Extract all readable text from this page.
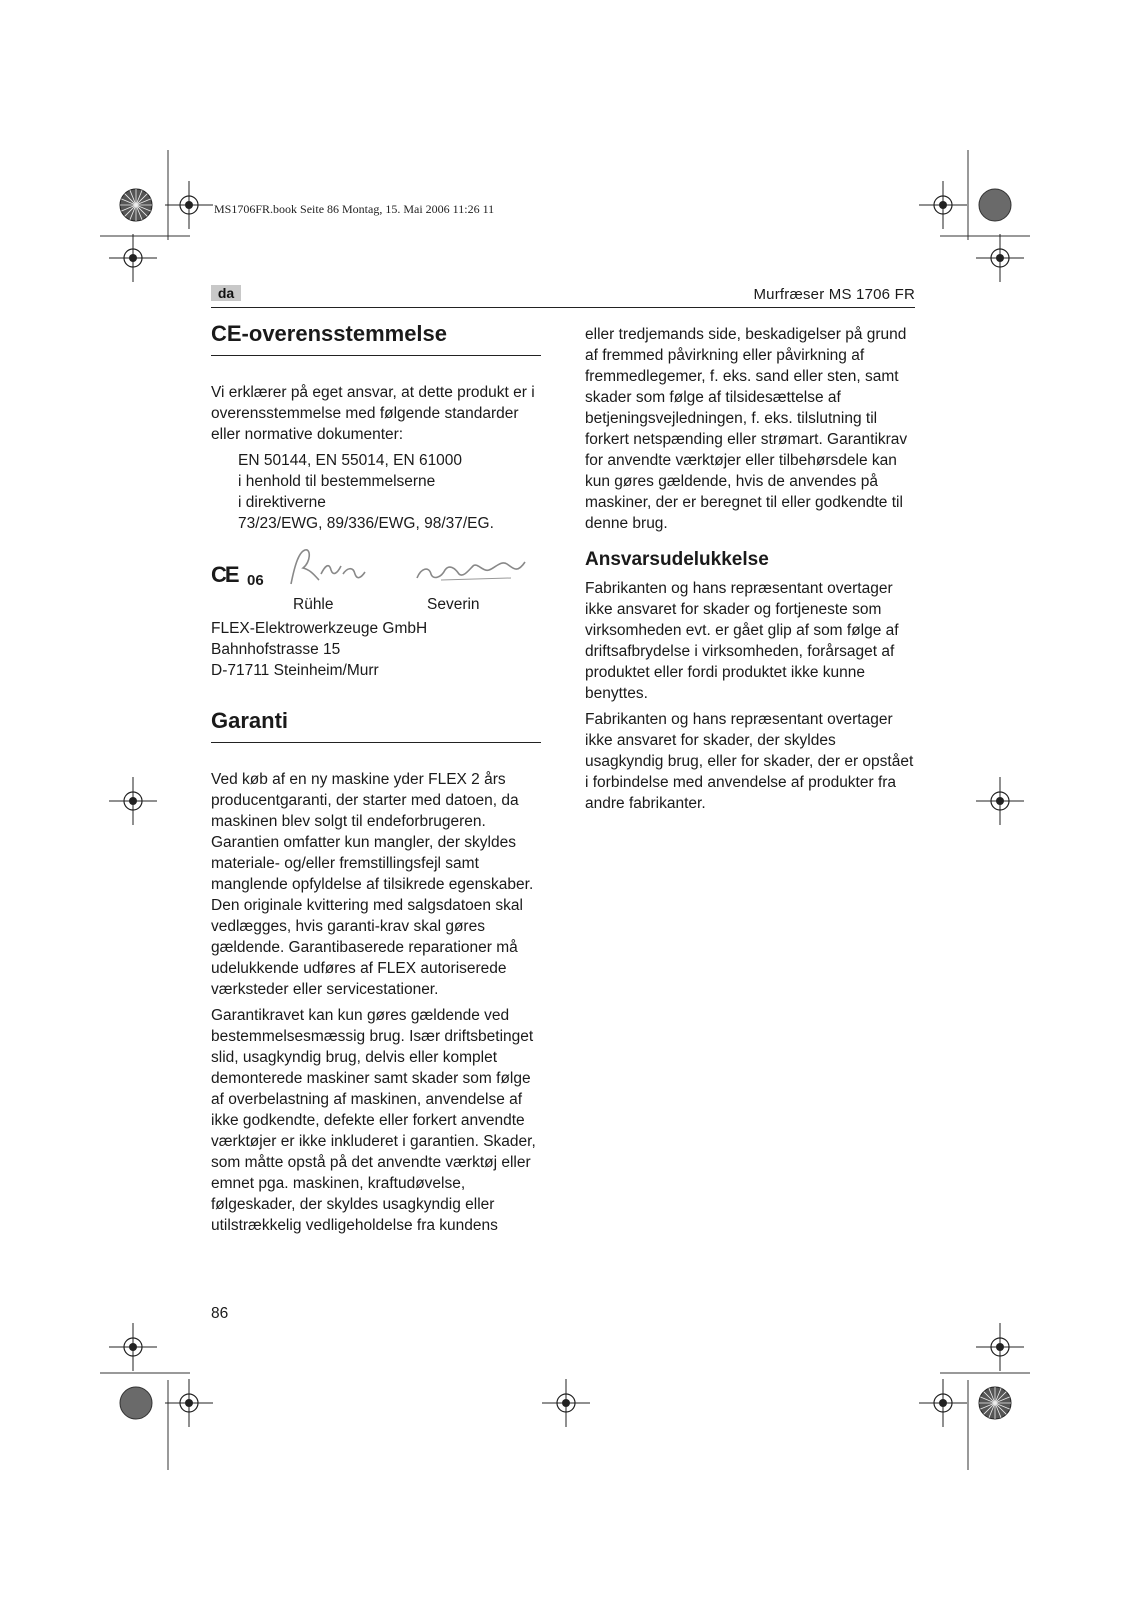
MS1706FR.book Seite 86 Montag, 15. Mai 2006 11:26 11
da	Murfræser MS 1706 FR
CE-overensstemmelse

Vi erklærer på eget ansvar, at dette produkt er i overensstemmelse med følgende standarder eller normative dokumenter:

EN 50144, EN 55014, EN 61000
i henhold til bestemmelserne
i direktiverne
73/23/EWG, 89/336/EWG, 98/37/EG.
CE 06
Rühle	Severin
FLEX-Elektrowerkzeuge GmbH
Bahnhofstrasse 15
D-71711 Steinheim/Murr
Garanti

Ved køb af en ny maskine yder FLEX 2 års producentgaranti, der starter med datoen, da maskinen blev solgt til endeforbrugeren. Garantien omfatter kun mangler, der skyldes materiale- og/eller fremstillingsfejl samt manglende opfyldelse af tilsikrede egenskaber. Den originale kvittering med salgsdatoen skal vedlægges, hvis garanti-krav skal gøres gældende. Garantibaserede reparationer må udelukkende udføres af FLEX autoriserede værksteder eller servicestationer.

Garantikravet kan kun gøres gældende ved bestemmelsesmæssig brug. Især driftsbetinget slid, usagkyndig brug, delvis eller komplet demonterede maskiner samt skader som følge af overbelastning af maskinen, anvendelse af ikke godkendte, defekte eller forkert anvendte værktøjer er ikke inkluderet i garantien. Skader, som måtte opstå på det anvendte værktøj eller emnet pga. maskinen, kraftudøvelse, følgeskader, der skyldes usagkyndig eller utilstrækkelig vedligeholdelse fra kundens

eller tredjemands side, beskadigelser på grund af fremmed påvirkning eller påvirkning af fremmedlegemer, f. eks. sand eller sten, samt skader som følge af tilsidesættelse af betjeningsvejledningen, f. eks. tilslutning til forkert netspænding eller strømart. Garantikrav for anvendte værktøjer eller tilbehørsdele kan kun gøres gældende, hvis de anvendes på maskiner, der er beregnet til eller godkendte til denne brug.

Ansvarsudelukkelse

Fabrikanten og hans repræsentant overtager ikke ansvaret for skader og fortjeneste som virksomheden evt. er gået glip af som følge af driftsafbrydelse i virksomheden, forårsaget af produktet eller fordi produktet ikke kunne benyttes.

Fabrikanten og hans repræsentant overtager ikke ansvaret for skader, der skyldes usagkyndig brug, eller for skader, der er opstået i forbindelse med anvendelse af produkter fra andre fabrikanter.

86
